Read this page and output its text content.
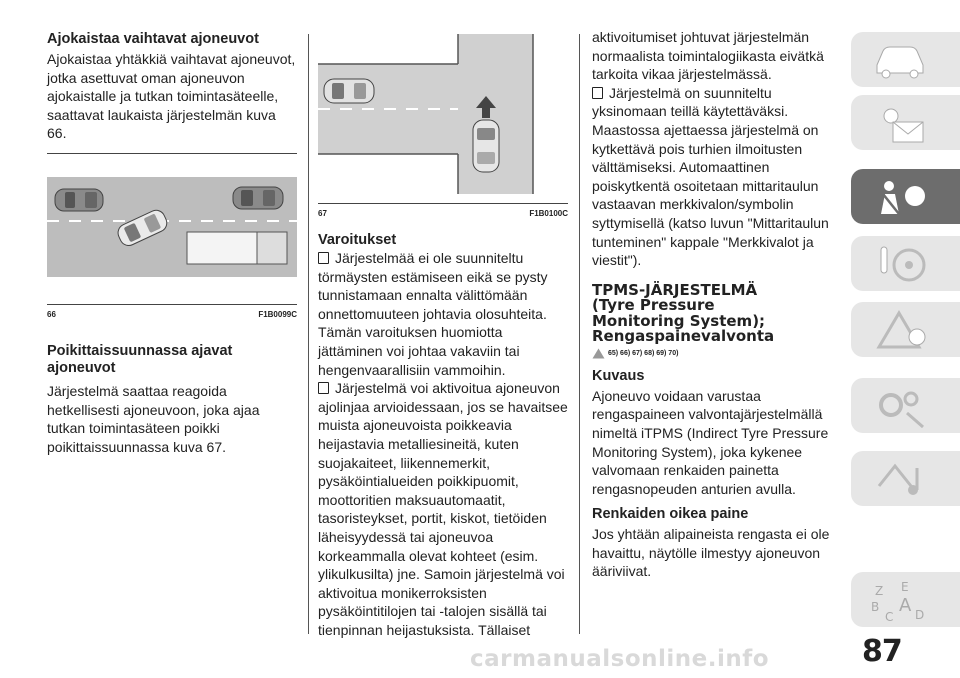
Ajokaistaa vaihtavat ajoneuvot

Ajokaistaa yhtäkkiä vaihtavat ajoneuvot, jotka asettuvat oman ajoneuvon ajokaistalle ja tutkan toimintasäteelle, saattavat laukaista järjestelmän kuva 66.

66	F1B0099C
Poikittaissuunnassa ajavat ajoneuvot

Järjestelmä saattaa reagoida hetkellisesti ajoneuvoon, joka ajaa tutkan toimintasäteen poikki poikittaissuunnassa kuva 67.

67	F1B0100C
Varoitukset

Järjestelmää ei ole suunniteltu törmäysten estämiseen eikä se pysty tunnistamaan ennalta välittömään onnettomuuteen johtavia olosuhteita. Tämän varoituksen huomiotta jättäminen voi johtaa vakaviin tai hengenvaarallisiin vammoihin.

Järjestelmä voi aktivoitua ajoneuvon ajolinjaa arvioidessaan, jos se havaitsee muista ajoneuvoista poikkeavia heijastavia metalliesineitä, kuten suojakaiteet, liikennemerkit, pysäköintialueiden poikkipuomit, moottoritien maksuautomaatit, tasoristeykset, portit, kiskot, tietöiden läheisyydessä tai ajoneuvoa korkeammalla olevat kohteet (esim. ylikulkusilta) jne. Samoin järjestelmä voi aktivoitua monikerroksisten pysäköintitilojen tai -talojen sisällä tai tienpinnan heijastuksista. Tällaiset

aktivoitumiset johtuvat järjestelmän normaalista toimintalogiikasta eivätkä tarkoita vikaa järjestelmässä.

Järjestelmä on suunniteltu yksinomaan teillä käytettäväksi. Maastossa ajettaessa järjestelmä on kytkettävä pois turhien ilmoitusten välttämiseksi. Automaattinen poiskytkentä osoitetaan mittaritaulun vastaavan merkkivalon/symbolin syttymisellä (katso luvun "Mittaritaulun tunteminen" kappale "Merkkivalot ja viestit").

TPMS-JÄRJESTELMÄ
(Tyre Pressure
Monitoring System);
Rengaspainevalvonta
65) 66) 67) 68) 69) 70)
Kuvaus

Ajoneuvo voidaan varustaa rengaspaineen valvontajärjestelmällä nimeltä iTPMS (Indirect Tyre Pressure Monitoring System), joka kykenee valvomaan renkaiden painetta rengasnopeuden anturien avulla.

Renkaiden oikea paine

Jos yhtään alipaineista rengasta ei ole havaittu, näytölle ilmestyy ajoneuvon ääriviivat.

Z E
B A
C D
carmanualsonline.info	87
